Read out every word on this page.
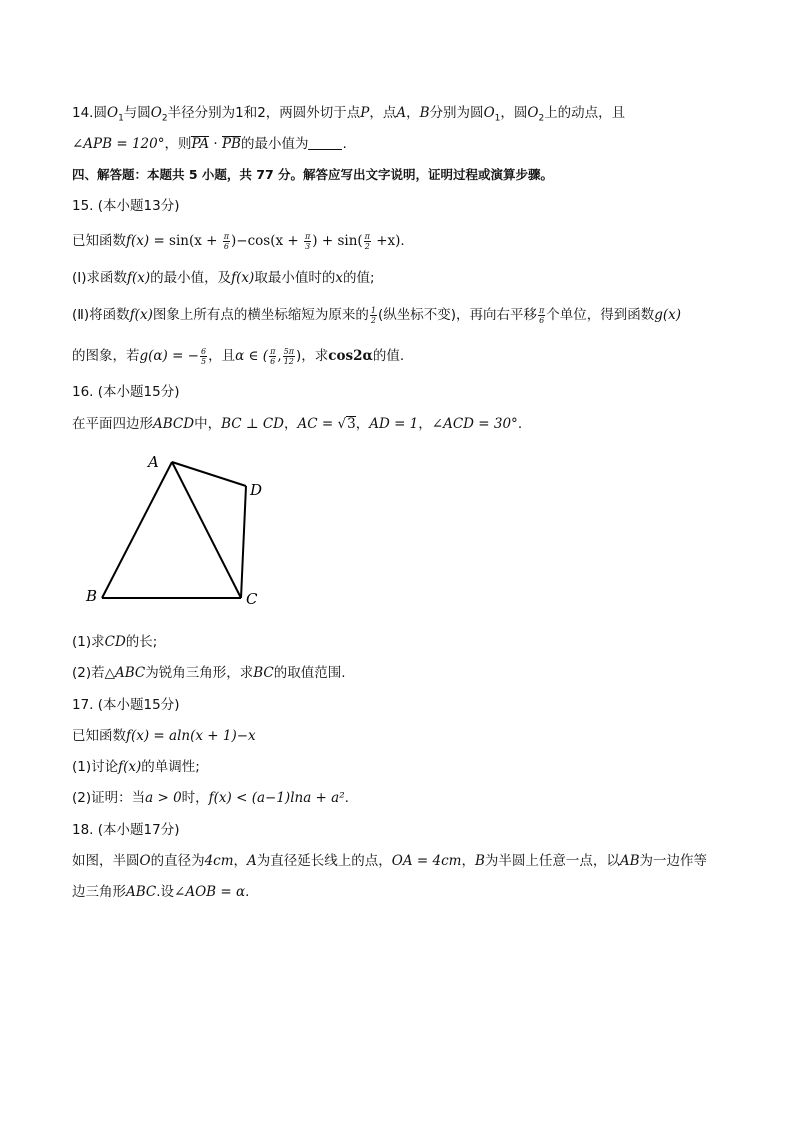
14.圆$O_1$与圆$O_2$半径分别为1和2，两圆外切于点P，点A，B分别为圆$O_1$，圆$O_2$上的动点，且
∠APB = 120°，则PA · PB的最小值为	.
四、解答题：本题共 5 小题，共 77 分。解答应写出文字说明，证明过程或演算步骤。
15. (本小题13分)
已知函数$f(x) = \sin(x + \frac{\pi}{6} )-\cos(x + \frac{\pi}{3}$ ) + $\sin( \frac{\pi}{2} +x)$.
(Ⅰ)求函数f(x)的最小值，及f(x)取最小值时的x的值;
(Ⅱ)将函数f(x)图象上所有点的横坐标缩短为原来的 $\frac{1}{2}$ (纵坐标不变)，再向右平移 $\frac{\pi}{6}$ 个单位，得到函数g(x)
的图象，若g(α) = − $\frac{6}{5}$ ，且α ∈ ( $\frac{\pi}{6}$ , $\frac{5\pi}{12}$ )，求cos2α的值.
16. (本小题15分)
在平面四边形ABCD中，BC ⊥ CD，AC = √3，AD = 1，∠ACD = 30°.
A
B	C
D
(1)求CD的长;
(2)若△ABC为锐角三角形，求BC的取值范围.
17. (本小题15分)
已知函数f(x) = aln(x + 1)−x
(1)讨论f(x)的单调性;
(2)证明：当a > 0时，f(x) < (a−1)lna + a².
18. (本小题17分)
如图，半圆O的直径为4cm，A为直径延长线上的点，OA = 4cm，B为半圆上任意一点，以AB为一边作等
边三角形ABC.设∠AOB = α.
